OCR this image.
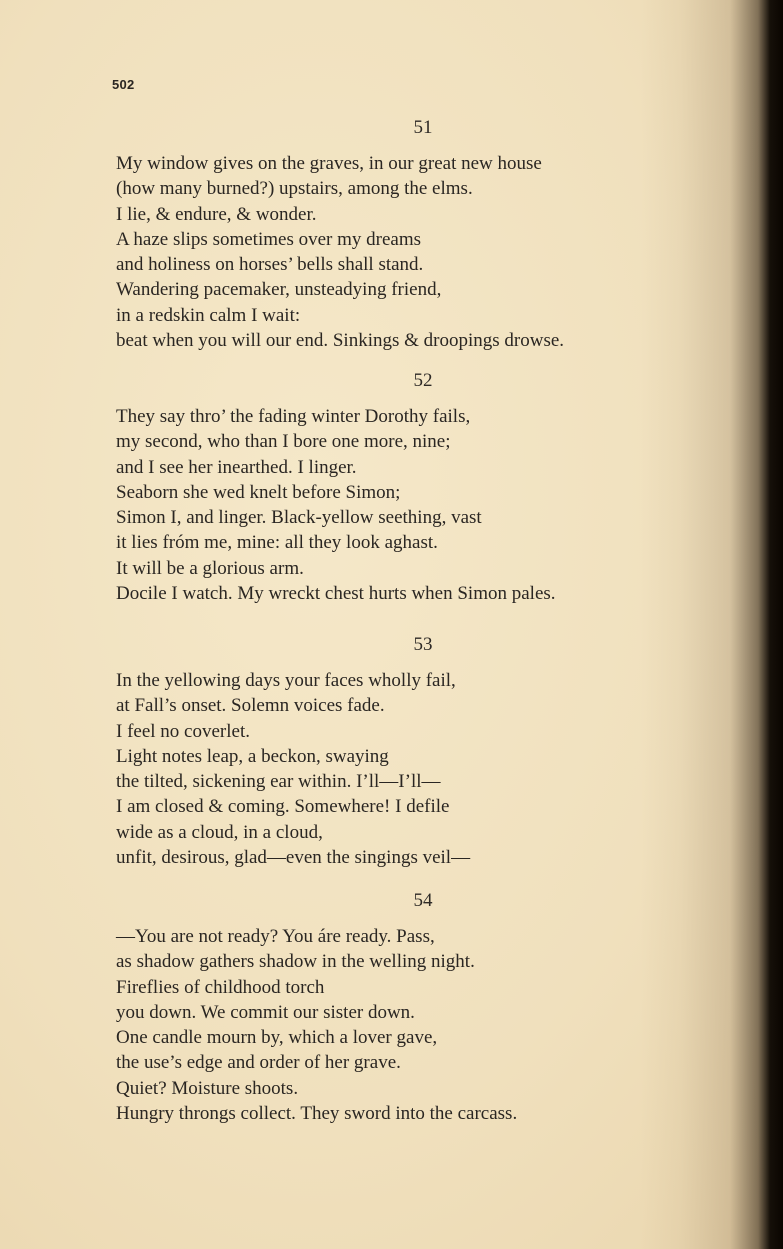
502
51
My window gives on the graves, in our great new house
(how many burned?) upstairs, among the elms.
I lie, & endure, & wonder.
A haze slips sometimes over my dreams
and holiness on horses’ bells shall stand.
Wandering pacemaker, unsteadying friend,
in a redskin calm I wait:
beat when you will our end. Sinkings & droopings drowse.
52
They say thro’ the fading winter Dorothy fails,
my second, who than I bore one more, nine;
and I see her inearthed. I linger.
Seaborn she wed knelt before Simon;
Simon I, and linger. Black-yellow seething, vast
it lies fróm me, mine: all they look aghast.
It will be a glorious arm.
Docile I watch. My wreckt chest hurts when Simon pales.
53
In the yellowing days your faces wholly fail,
at Fall’s onset. Solemn voices fade.
I feel no coverlet.
Light notes leap, a beckon, swaying
the tilted, sickening ear within. I’ll—I’ll—
I am closed & coming. Somewhere! I defile
wide as a cloud, in a cloud,
unfit, desirous, glad—even the singings veil—
54
—You are not ready? You áre ready. Pass,
as shadow gathers shadow in the welling night.
Fireflies of childhood torch
you down. We commit our sister down.
One candle mourn by, which a lover gave,
the use’s edge and order of her grave.
Quiet? Moisture shoots.
Hungry throngs collect. They sword into the carcass.
